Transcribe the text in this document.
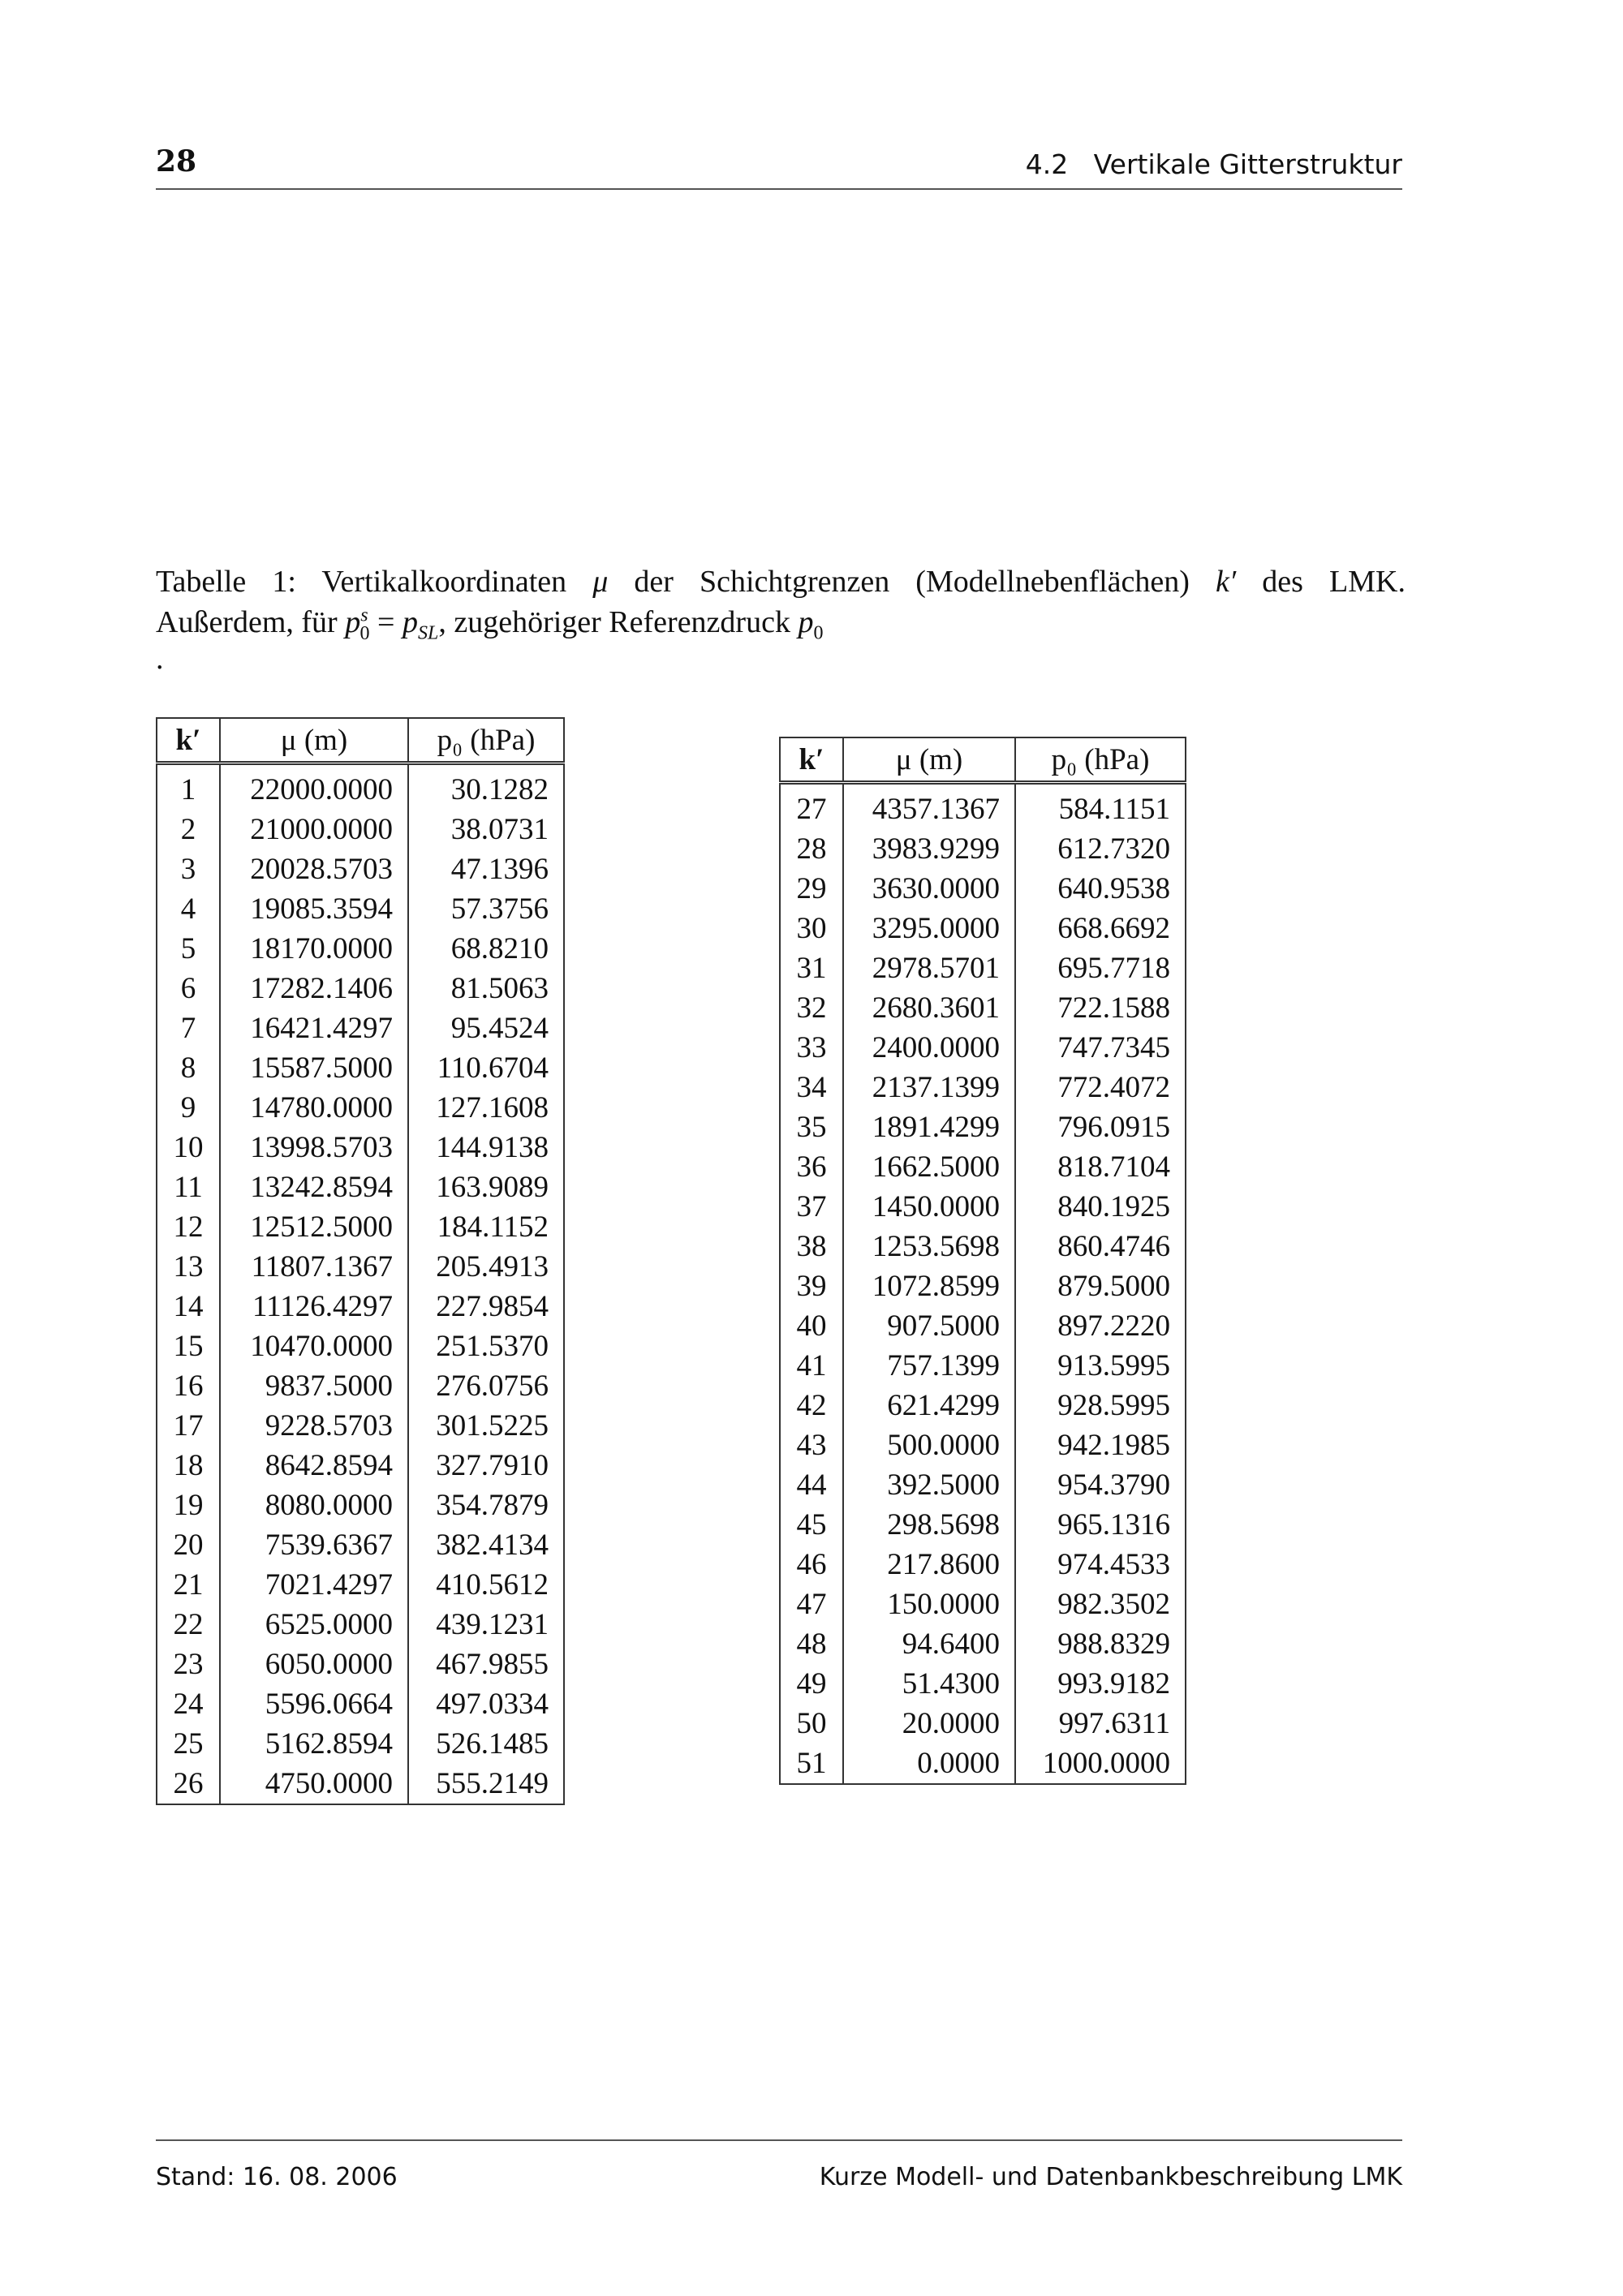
28	4.2   Vertikale Gitterstruktur
Tabelle 1: Vertikalkoordinaten μ der Schichtgrenzen (Modellnebenflächen) k′ des LMK.
Außerdem, für $p^s_0 = p_{SL}$, zugehöriger Referenzdruck $p_0$
.
k′	μ (m)	p₀ (hPa)
1	22000.0000	30.1282
2	21000.0000	38.0731
3	20028.5703	47.1396
4	19085.3594	57.3756
5	18170.0000	68.8210
6	17282.1406	81.5063
7	16421.4297	95.4524
8	15587.5000	110.6704
9	14780.0000	127.1608
10	13998.5703	144.9138
11	13242.8594	163.9089
12	12512.5000	184.1152
13	11807.1367	205.4913
14	11126.4297	227.9854
15	10470.0000	251.5370
16	9837.5000	276.0756
17	9228.5703	301.5225
18	8642.8594	327.7910
19	8080.0000	354.7879
20	7539.6367	382.4134
21	7021.4297	410.5612
22	6525.0000	439.1231
23	6050.0000	467.9855
24	5596.0664	497.0334
25	5162.8594	526.1485
26	4750.0000	555.2149
k′	μ (m)	p₀ (hPa)
27	4357.1367	584.1151
28	3983.9299	612.7320
29	3630.0000	640.9538
30	3295.0000	668.6692
31	2978.5701	695.7718
32	2680.3601	722.1588
33	2400.0000	747.7345
34	2137.1399	772.4072
35	1891.4299	796.0915
36	1662.5000	818.7104
37	1450.0000	840.1925
38	1253.5698	860.4746
39	1072.8599	879.5000
40	907.5000	897.2220
41	757.1399	913.5995
42	621.4299	928.5995
43	500.0000	942.1985
44	392.5000	954.3790
45	298.5698	965.1316
46	217.8600	974.4533
47	150.0000	982.3502
48	94.6400	988.8329
49	51.4300	993.9182
50	20.0000	997.6311
51	0.0000	1000.0000
Stand: 16. 08. 2006	Kurze Modell- und Datenbankbeschreibung LMK
